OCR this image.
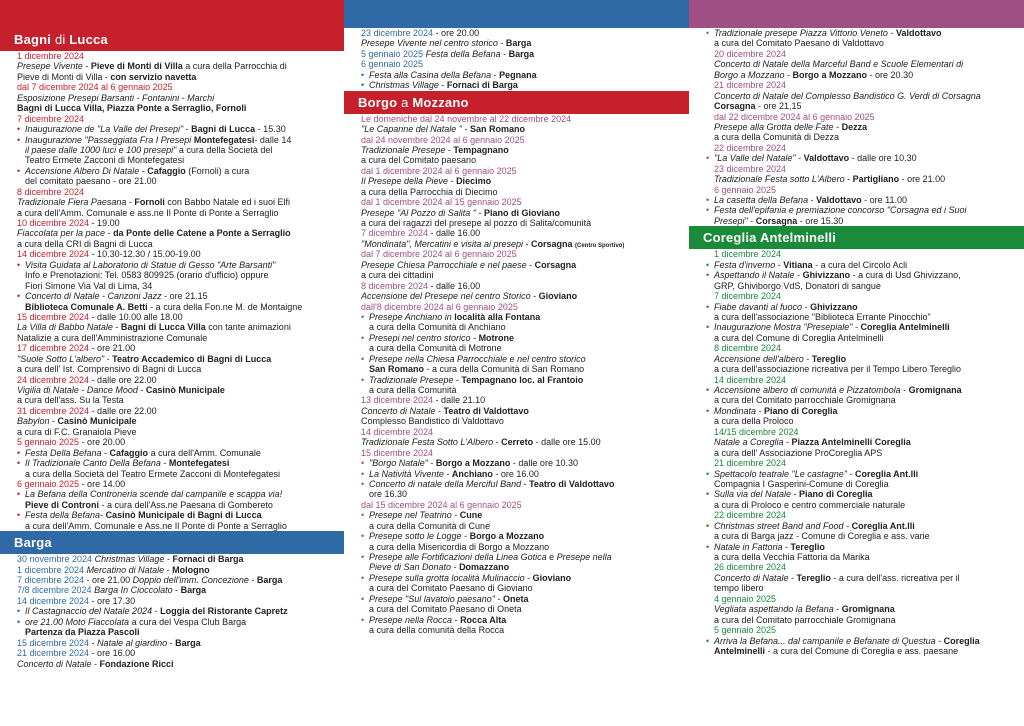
Bagni di Lucca
1 dicembre 2024
Presepe Vivente - Pieve di Monti di Villa a cura della Parrocchia di
Pieve di Monti di Villa - con servizio navetta
dal 7 dicembre 2024 al 6 gennaio 2025
Esposizione Presepi Barsanti - Fontanini - Marchi
Bagni di Lucca Villa, Piazza Ponte a Serraglio, Fornoli
7 dicembre 2024
• Inaugurazione de "La Valle dei Presepi" - Bagni di Lucca - 15.30
• Inaugurazione "Passeggiata Fra I Presepi Montefegatesi- dalle 14
il paese dalle 1000 luci e 100 presepi" a cura della Società del
Teatro Ermete Zacconi di Montefegatesi
• Accensione Albero Di Natale - Cafaggio (Fornoli) a cura
del comitato paesano - ore 21.00
8 dicembre 2024
Tradizionale Fiera Paesana - Fornoli con Babbo Natale ed i suoi Elfi
a cura dell'Amm. Comunale e ass.ne Il Ponte di Ponte a Serraglio
10 dicembre 2024 - 19.00
Fiaccolata per la pace - da Ponte delle Catene a Ponte a Serraglio
a cura della CRI di Bagni di Lucca
14 dicembre 2024 - 10.30-12.30 / 15.00-19.00
• Visita Guidata al Laboratorio di Statue di Gesso "Arte Barsanti"
Info e Prenotazioni: Tel. 0583 809925 (orario d'ufficio) oppure
Fiori Simone Via Val di Lima, 34
• Concerto di Natale - Canzoni Jazz - ore 21.15
Biblioteca Comunale A. Betti - a cura della Fon.ne M. de Montaigne
15 dicembre 2024 - dalle 10.00 alle 18.00
La Villa di Babbo Natale - Bagni di Lucca Villa con tante animazioni
Natalizie a cura dell'Amministrazione Comunale
17 dicembre 2024 - ore 21.00
"Suole Sotto L'albero" - Teatro Accademico di Bagni di Lucca
a cura dell' Ist. Comprensivo di Bagni di Lucca
24 dicembre 2024 - dalle ore 22.00
Vigilia di Natale - Dance Mood - Casinò Municipale
a cura dell'ass. Su la Testa
31 dicembre 2024 - dalle ore 22.00
Babylon - Casinò Municipale
a cura di F.C. Granaiola Pieve
5 gennaio 2025 - ore 20.00
• Festa Della Befana - Cafaggio a cura dell'Amm. Comunale
• Il Tradizionale Canto Della Befana - Montefegatesi
a cura della Società del Teatro Ermete Zacconi di Montefegatesi
6 gennaio 2025 - ore 14.00
• La Befana della Controneria scende dal campanile e scappa via!
Pieve di Controni - a cura dell'Ass.ne Paesana di Gombereto
• Festa della Befana- Casinò Municipale di Bagni di Lucca
a cura dell'Amm. Comunale e Ass.ne Il Ponte di Ponte a Serraglio
Barga
30 novembre 2024 Christmas Village - Fornaci di Barga
1 dicembre 2024 Mercatino di Natale - Mologno
7 dicembre 2024 - ore 21.00 Doppio dell'imm. Concezione - Barga
7/8 dicembre 2024 Barga In Cioccolato - Barga
14 dicembre 2024 - ore 17.30
• Il Castagnaccio del Natale 2024 - Loggia del Ristorante Capretz
• ore 21.00 Moto Fiaccolata a cura del Vespa Club Barga
Partenza da Piazza Pascoli
15 dicembre 2024 - Natale al giardino - Barga
21 dicembre 2024 - ore 16.00
Concerto di Natale - Fondazione Ricci
23 dicembre 2024 - ore 20.00
Presepe Vivente nel centro storico - Barga
5 gennaio 2025 Festa della Befana - Barga
6 gennaio 2025
• Festa alla Casina della Befana - Pegnana
• Christmas Village - Fornaci di Barga
Borgo a Mozzano
Le domeniche dal 24 novembre al 22 dicembre 2024
"Le Capanne del Natale " - San Romano
dal 24 novembre 2024 al 6 gennaio 2025
Tradizionale Presepe - Tempagnano
a cura del Comitato paesano
dal 1 dicembre 2024 al 6 gennaio 2025
Il Presepe della Pieve - Diecimo
a cura della Parrocchia di Diecimo
dal 1 dicembre 2024 al 15 gennaio 2025
Presepe "Al Pozzo di Salita " - Piano di Gioviano
a cura dei ragazzi del presepe al pozzo di Salita/comunità
7 dicembre 2024 - dalle 16.00
"Mondinata", Mercatini e visita ai presepi - Corsagna (Centro Sportivo)
dal 7 dicembre 2024 al 6 gennaio 2025
Presepe Chiesa Parrocchiale e nel paese - Corsagna
a cura dei cittadini
8 dicembre 2024 - dalle 16.00
Accensione del Presepe nel centro Storico - Gioviano
dall'8 dicembre 2024 al 6 gennaio 2025
• Presepe Anchiano in località alla Fontana
a cura della Comunità di Anchiano
• Presepi nel centro storico - Motrone
a cura della Comunità di Motrone
• Presepe nella Chiesa Parrocchiale e nel centro storico
San Romano - a cura della Comunità di San Romano
• Tradizionale Presepe - Tempagnano loc. al Frantoio
a cura della Comunità
13 dicembre 2024 - dalle 21.10
Concerto di Natale - Teatro di Valdottavo
Complesso Bandistico di Valdottavo
14 dicembre 2024
Tradizionale Festa Sotto L'Albero - Cerreto - dalle ore 15.00
15 dicembre 2024
• "Borgo Natale" - Borgo a Mozzano - dalle ore 10.30
• La Natività Vivente - Anchiano - ore 16.00
• Concerto di natale della Merciful Band - Teatro di Valdottavo
ore 16.30
dal 15 dicembre 2024 al 6 gennaio 2025
• Presepe nel Teatrino - Cune
a cura della Comunità di Cune
• Presepe sotto le Logge - Borgo a Mozzano
a cura della Misericordia di Borgo a Mozzano
• Presepe alle Fortificazioni della Linea Gotica e Presepe nella
Pieve di San Donato - Domazzano
• Presepe sulla grotta località Mulinaccio - Gioviano
a cura del Comitato Paesano di Gioviano
• Presepe "Sul lavatoio paesano" - Oneta
a cura del Comitato Paesano di Oneta
• Presepe nella Rocca - Rocca Alta
a cura della comunità della Rocca
• Tradizionale presepe Piazza Vittorio Veneto - Valdottavo
a cura del Comitato Paesano di Valdottavo
20 dicembre 2024
Concerto di Natale della Marceful Band e Scuole Elementari di
Borgo a Mozzano - Borgo a Mozzano - ore 20.30
21 dicembre 2024
Concerto di Natale del Complesso Bandistico G. Verdi di Corsagna
Corsagna - ore 21,15
dal 22 dicembre 2024 al 6 gennaio 2025
Presepe alla Grotta delle Fate - Dezza
a cura della Comunità di Dezza
22 dicembre 2024
• "La Valle del Natale" - Valdottavo - dalle ore 10.30
23 dicembre 2024
Tradizionale Festa sotto L'Albero - Partigliano - ore 21.00
6 gennaio 2025
• La casetta della Befana - Valdottavo - ore 11.00
• Festa dell'epifania e premiazione concorso "Corsagna ed i Suoi
Presepi" - Corsagna - ore 15.30
Coreglia Antelminelli
1 dicembre 2024
• Festa d'inverno - Vitiana - a cura del Circolo Acli
• Aspettando il Natale - Ghivizzano - a cura di Usd Ghivizzano,
GRP, Ghiviborgo VdS, Donatori di sangue
7 dicembre 2024
• Fiabe davanti al fuoco - Ghivizzano
a cura dell'associazione "Biblioteca Errante Pinocchio"
• Inaugurazione Mostra "Presepiale" - Coreglia Antelminelli
a cura del Comune di Coreglia Antelminelli
8 dicembre 2024
Accensione dell'albero - Tereglio
a cura dell'associazione ricreativa per il Tempo Libero Tereglio
14 dicembre 2024
• Accensione albero di comunità e Pizzatombola - Gromignana
a cura del Comitato parrocchiale Gromignana
• Mondinata - Piano di Coreglia
a cura della Proloco
14/15 dicembre 2024
Natale a Coreglia - Piazza Antelminelli Coreglia
a cura dell' Associazione ProCoreglia APS
21 dicembre 2024
• Spettacolo teatrale "Le castagne" - Coreglia Ant.lli
Compagnia I Gasperini-Comune di Coreglia
• Sulla via del Natale - Piano di Coreglia
a cura di Proloco e centro commerciale naturale
22 dicembre 2024
• Christmas street Band and Food - Coreglia Ant.lli
a cura di Barga jazz - Comune di Coreglia e ass. varie
• Natale in Fattoria - Tereglio
a cura della Vecchia Fattoria da Marika
26 dicembre 2024
Concerto di Natale - Tereglio - a cura dell'ass. ricreativa per il
tempo libero
4 gennaio 2025
Vegliata aspettando la Befana - Gromignana
a cura del Comitato parrocchiale Gromignana
5 gennaio 2025
• Arriva la Befana... dal campanile e Befanate di Questua - Coreglia
Antelminelli - a cura del Comune di Coreglia e ass. paesane
